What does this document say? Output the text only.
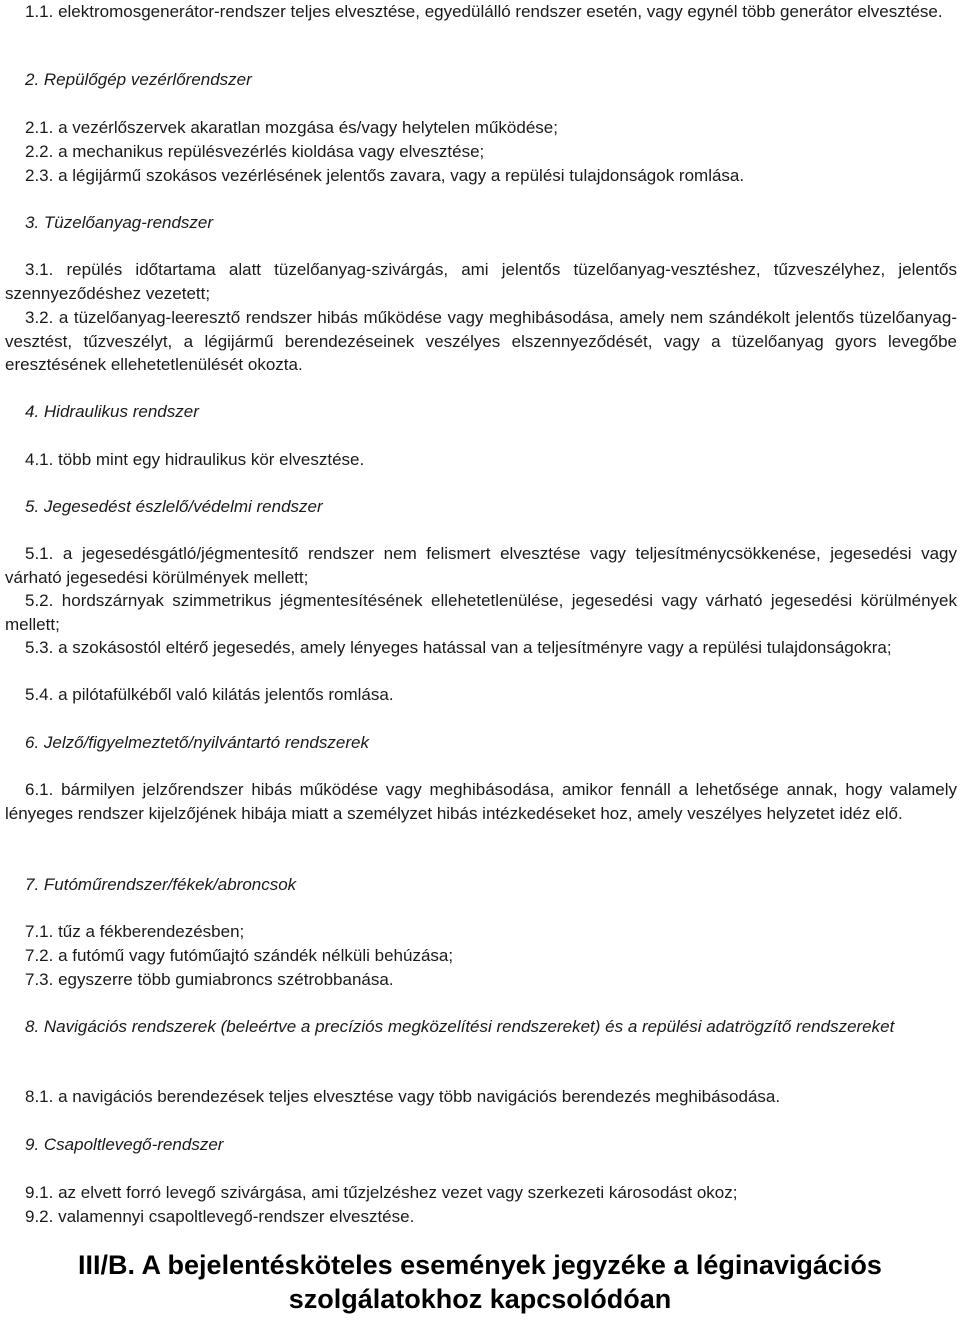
1.1. elektromosgenerátor-rendszer teljes elvesztése, egyedülálló rendszer esetén, vagy egynél több generátor elvesztése.
2. Repülőgép vezérlőrendszer
2.1. a vezérlőszervek akaratlan mozgása és/vagy helytelen működése;
2.2. a mechanikus repülésvezérlés kioldása vagy elvesztése;
2.3. a légijármű szokásos vezérlésének jelentős zavara, vagy a repülési tulajdonságok romlása.
3. Tüzelőanyag-rendszer
3.1. repülés időtartama alatt tüzelőanyag-szivárgás, ami jelentős tüzelőanyag-vesztéshez, tűzveszélyhez, jelentős szennyeződéshez vezetett;
3.2. a tüzelőanyag-leeresztő rendszer hibás működése vagy meghibásodása, amely nem szándékolt jelentős tüzelőanyag-vesztést, tűzveszélyt, a légijármű berendezéseinek veszélyes elszennyeződését, vagy a tüzelőanyag gyors levegőbe eresztésének ellehetetlenülését okozta.
4. Hidraulikus rendszer
4.1. több mint egy hidraulikus kör elvesztése.
5. Jegesedést észlelő/védelmi rendszer
5.1. a jegesedésgátló/jégmentesítő rendszer nem felismert elvesztése vagy teljesítménycsökkenése, jegesedési vagy várható jegesedési körülmények mellett;
5.2. hordszárnyak szimmetrikus jégmentesítésének ellehetetlenülése, jegesedési vagy várható jegesedési körülmények mellett;
5.3. a szokásostól eltérő jegesedés, amely lényeges hatással van a teljesítményre vagy a repülési tulajdonságokra;
5.4. a pilótafülkéből való kilátás jelentős romlása.
6. Jelző/figyelmeztető/nyilvántartó rendszerek
6.1. bármilyen jelzőrendszer hibás működése vagy meghibásodása, amikor fennáll a lehetősége annak, hogy valamely lényeges rendszer kijelzőjének hibája miatt a személyzet hibás intézkedéseket hoz, amely veszélyes helyzetet idéz elő.
7. Futóműrendszer/fékek/abroncsok
7.1. tűz a fékberendezésben;
7.2. a futómű vagy futóműajtó szándék nélküli behúzása;
7.3. egyszerre több gumiabroncs szétrobbanása.
8. Navigációs rendszerek (beleértve a precíziós megközelítési rendszereket) és a repülési adatrögzítő rendszereket
8.1. a navigációs berendezések teljes elvesztése vagy több navigációs berendezés meghibásodása.
9. Csapoltlevegő-rendszer
9.1. az elvett forró levegő szivárgása, ami tűzjelzéshez vezet vagy szerkezeti károsodást okoz;
9.2. valamennyi csapoltlevegő-rendszer elvesztése.
III/B. A bejelentésköteles események jegyzéke a léginavigációs
szolgálatokhoz kapcsolódóan
